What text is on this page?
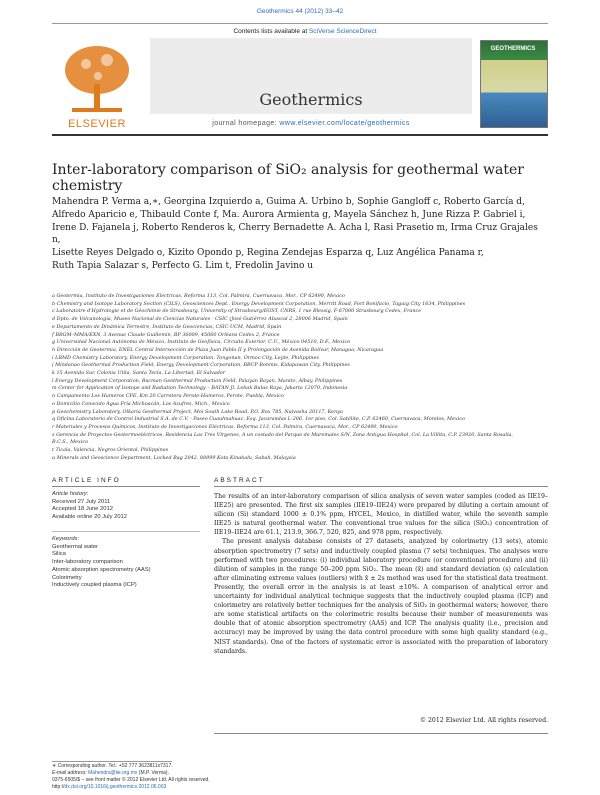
Geothermics 44 (2012) 33–42
Contents lists available at SciVerse ScienceDirect
Geothermics
ELSEVIER
GEOTHERMICS
journal homepage: www.elsevier.com/locate/geothermics
Inter-laboratory comparison of SiO₂ analysis for geothermal water chemistry
Mahendra P. Verma a,∗, Georgina Izquierdo a, Guima A. Urbino b, Sophie Gangloff c, Roberto García d,
Alfredo Aparicio e, Thibauld Conte f, Ma. Aurora Armienta g, Mayela Sánchez h, June Rizza P. Gabriel i,
Irene D. Fajanela j, Roberto Renderos k, Cherry Bernadette A. Acha l, Rasi Prasetio m, Irma Cruz Grajales n,
Lisette Reyes Delgado o, Kizito Opondo p, Regina Zendejas Esparza q, Luz Angélica Panama r,
Ruth Tapia Salazar s, Perfecto G. Lim t, Fredolin Javino u
a Geotermia, Instituto de Investigaciones Eléctricas, Reforma 113, Col. Palmira, Cuernavaca, Mor., CP 62490, Mexico
b Chemistry and Isotope Laboratory Section (CILS), Geosciences Dept., Energy Development Corporation, Merritt Road, Fort Bonifacio, Taguig City 1634, Philippines
c Laboratoire d'Hydrologie et de Géochimie de Strasbourg, University of Strasbourg/EOST, CNRS, 1 rue Blessig, F-67000 Strasbourg Cedex, France
d Dpto. de Volcanología, Museo Nacional de Ciencias Naturales - CSIC (José Gutiérrez Abascal 2, 28006 Madrid, Spain
e Departamento de Dinámica Terrestre, Instituto de Geociencias, CSIC-UCM, Madrid, Spain
f BRGM–MMA/EXN, 3 Avenue Claude Guillemin, BP 36009, 45060 Orléans Cedex 2, France
g Universidad Nacional Autónoma de México, Instituto de Geofísica, Circuito Exterior, C.U., México 04510, D.F., Mexico
h Dirección de Geotermia, ENEL Central Intersección de Plaza Juan Pablo II y Prolongación de Avenida Bolívar, Managua, Nicaragua
i LRMD Chemistry Laboratory, Energy Development Corporation, Tongonan, Ormoc City, Leyte, Philippines
j Mindanao Geothermal Production Field, Energy Development Corporation, BBCP Bonmis, Kidapawan City, Philippines
k 15 Avenida Sur, Colonia Utila, Santa Tecla, La Libertad, El Salvador
l Energy Development Corporation, Bacman Geothermal Production Field, Palayan Bayan, Manito, Albay, Philippines
m Center for Application of Isotope and Radiation Technology – BATAN Jl. Lebak Bulus Raya, Jakarta 12070, Indonesia
n Campamento Los Humeros CFE, Km 20 Carretera Perote-Humeros, Perote, Puebla, Mexico
o Domicilio Conocido Agua Fría Michoacán, Los Azufres, Mich., Mexico
p Geochemistry Laboratory, Olkaria Geothermal Project, Moi South Lake Road, P.O. Box 785, Naivasha 20117, Kenya
q Oficina Laboratorio de Control Industrial S.A. de C.V. - Paseo Cuauhnahuac, Esq. Jacarandas L-206, 1er piso, Col. Satélite, C.P. 62460, Cuernavaca, Morelos, Mexico
r Materiales y Procesos Químicos, Instituto de Investigaciones Eléctricas, Reforma 113, Col. Palmira, Cuernavaca, Mor., CP 62490, Mexico
s Gerencia de Proyectos Geotermoeléctricos, Residencia Las Tres Vírgenes, A un costado del Parque de Maremales S/N, Zona Antigua Hospital, Col. La Villita, C.P. 23920, Santa Rosalía,
B.C.S., Mexico
t Ticala, Valencia, Negros Oriental, Philippines
u Minerals and Geoscience Department, Locked Bag 2042, 88999 Kota Kinabalu, Sabah, Malaysia
ARTICLE INFO	ABSTRACT
Article history:
Received 27 July 2011
Accepted 18 June 2012
Available online 20 July 2012
Keywords:
Geothermal water
Silica
Inter-laboratory comparison
Atomic absorption spectrometry (AAS)
Colorimetry
Inductively coupled plasma (ICP)

The results of an inter-laboratory comparison of silica analysis of seven water samples (coded as IIE19–IIE25) are presented. The first six samples (IIE19–IIE24) were prepared by diluting a certain amount of silicon (Si) standard 1000 ± 0.1% ppm, HYCEL, Mexico, in distilled water, while the seventh sample IIE25 is natural geothermal water. The conventional true values for the silica (SiO₂) concentration of IIE19–IIE24 are 61.1, 213.9, 366.7, 520, 825, and 978 ppm, respectively.

The present analysis database consists of 27 datasets, analyzed by colorimetry (13 sets), atomic absorption spectrometry (7 sets) and inductively coupled plasma (7 sets) techniques. The analyses were performed with two procedures: (i) individual laboratory procedure (or conventional procedure) and (ii) dilution of samples in the range 50–200 ppm SiO₂. The mean (x̄) and standard deviation (s) calculation after eliminating extreme values (outliers) with x̄ ± 2s method was used for the statistical data treatment. Presently, the overall error in the analysis is at least ±10%. A comparison of analytical error and uncertainty for individual analytical technique suggests that the inductively coupled plasma (ICP) and colorimetry are relatively better techniques for the analysis of SiO₂ in geothermal waters; however, there are some statistical artifacts on the colorimetric results because their number of measurements was double that of atomic absorption spectrometry (AAS) and ICP. The analysis quality (i.e., precision and accuracy) may be improved by using the data control procedure with some high quality standard (e.g., NIST standards). One of the factors of systematic error is associated with the preparation of laboratory standards.

© 2012 Elsevier Ltd. All rights reserved.
∗ Corresponding author. Tel.: +52 777 3623811x7317.
E-mail address: Mahendra@iie.org.mx (M.P. Verma).
0375-6505/$ – see front matter © 2012 Elsevier Ltd. All rights reserved.
http://dx.doi.org/10.1016/j.geothermics.2012.06.003
